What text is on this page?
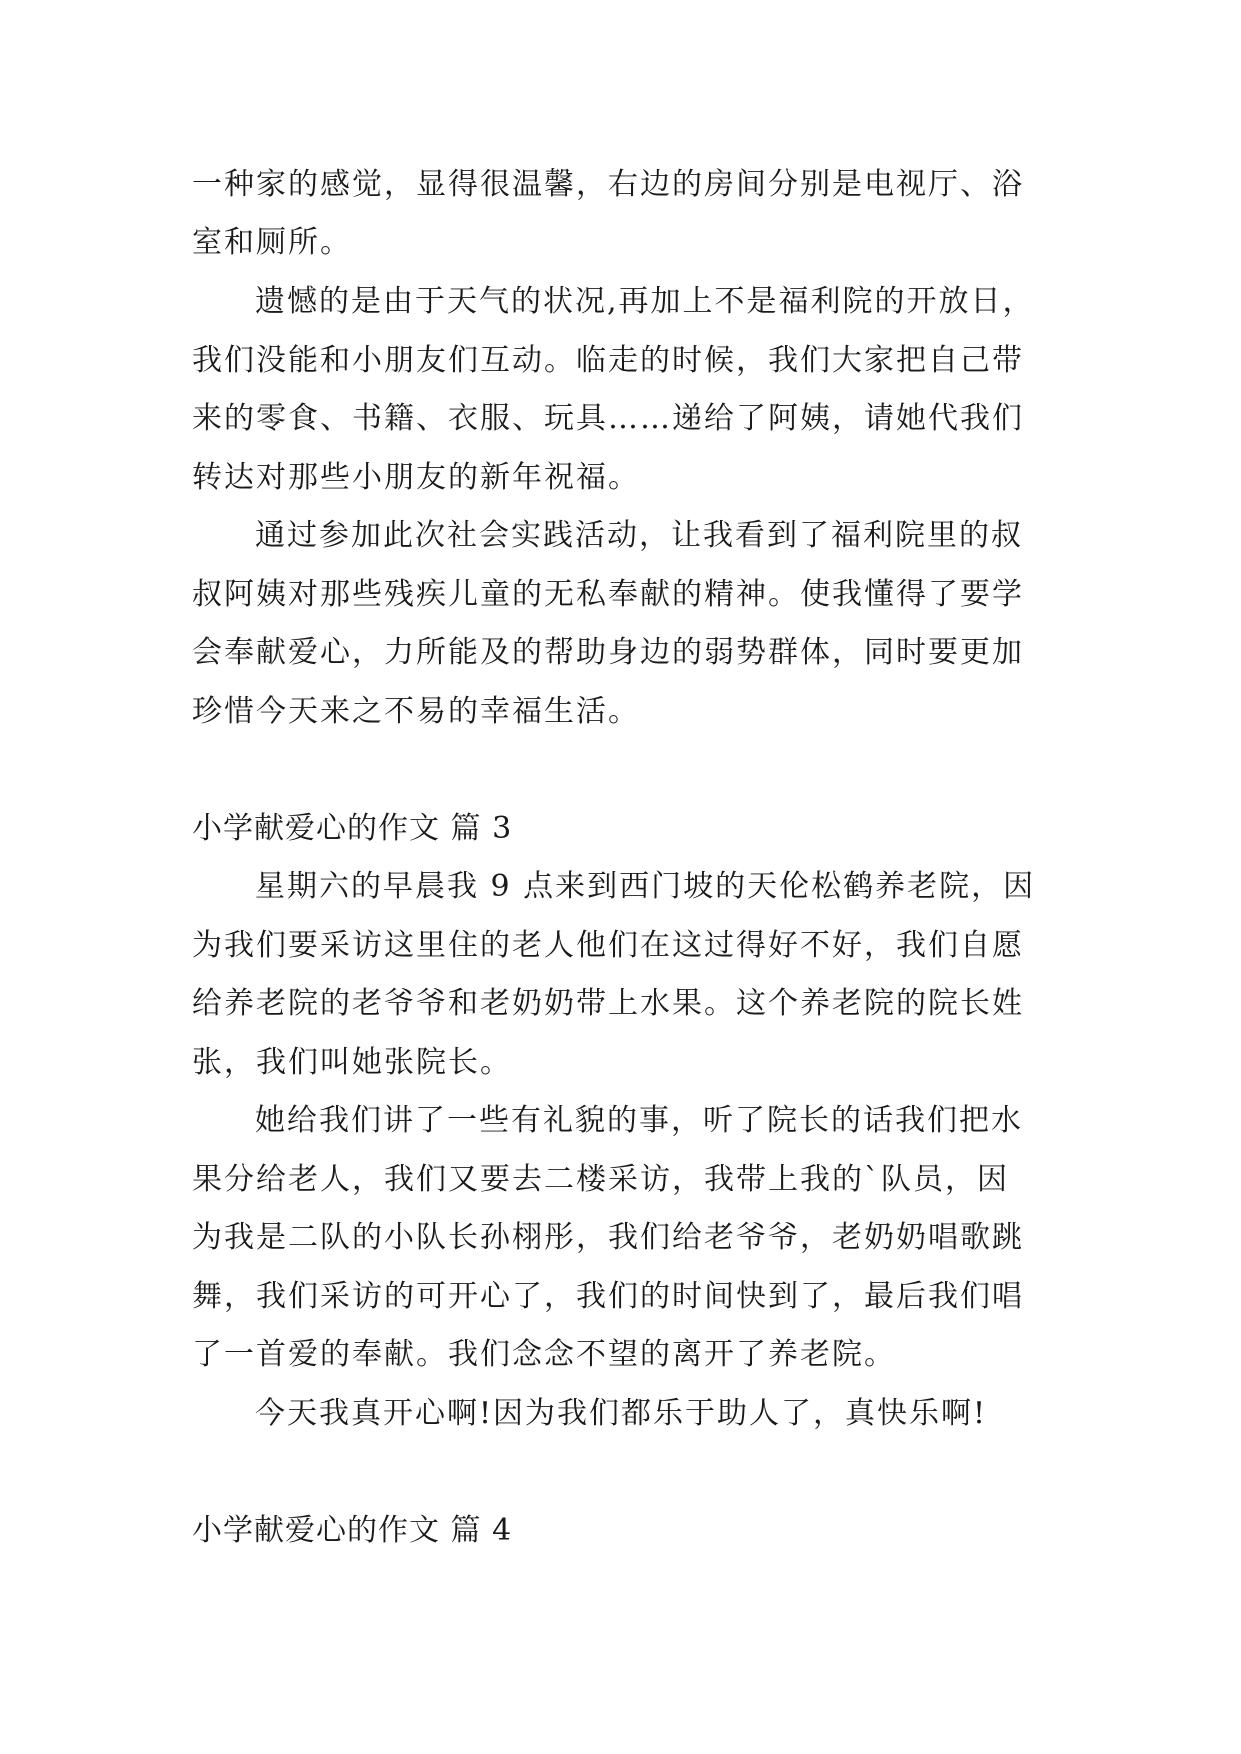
一种家的感觉，显得很温馨，右边的房间分别是电视厅、浴
室和厕所。
遗憾的是由于天气的状况,再加上不是福利院的开放日，
我们没能和小朋友们互动。临走的时候，我们大家把自己带
来的零食、书籍、衣服、玩具……递给了阿姨，请她代我们
转达对那些小朋友的新年祝福。
通过参加此次社会实践活动，让我看到了福利院里的叔
叔阿姨对那些残疾儿童的无私奉献的精神。使我懂得了要学
会奉献爱心，力所能及的帮助身边的弱势群体，同时要更加
珍惜今天来之不易的幸福生活。
小学献爱心的作文 篇 3
星期六的早晨我 9 点来到西门坡的天伦松鹤养老院，因
为我们要采访这里住的老人他们在这过得好不好，我们自愿
给养老院的老爷爷和老奶奶带上水果。这个养老院的院长姓
张，我们叫她张院长。
她给我们讲了一些有礼貌的事，听了院长的话我们把水
果分给老人，我们又要去二楼采访，我带上我的`队员，因
为我是二队的小队长孙栩彤，我们给老爷爷，老奶奶唱歌跳
舞，我们采访的可开心了，我们的时间快到了，最后我们唱
了一首爱的奉献。我们念念不望的离开了养老院。
今天我真开心啊!因为我们都乐于助人了，真快乐啊!
小学献爱心的作文 篇 4
